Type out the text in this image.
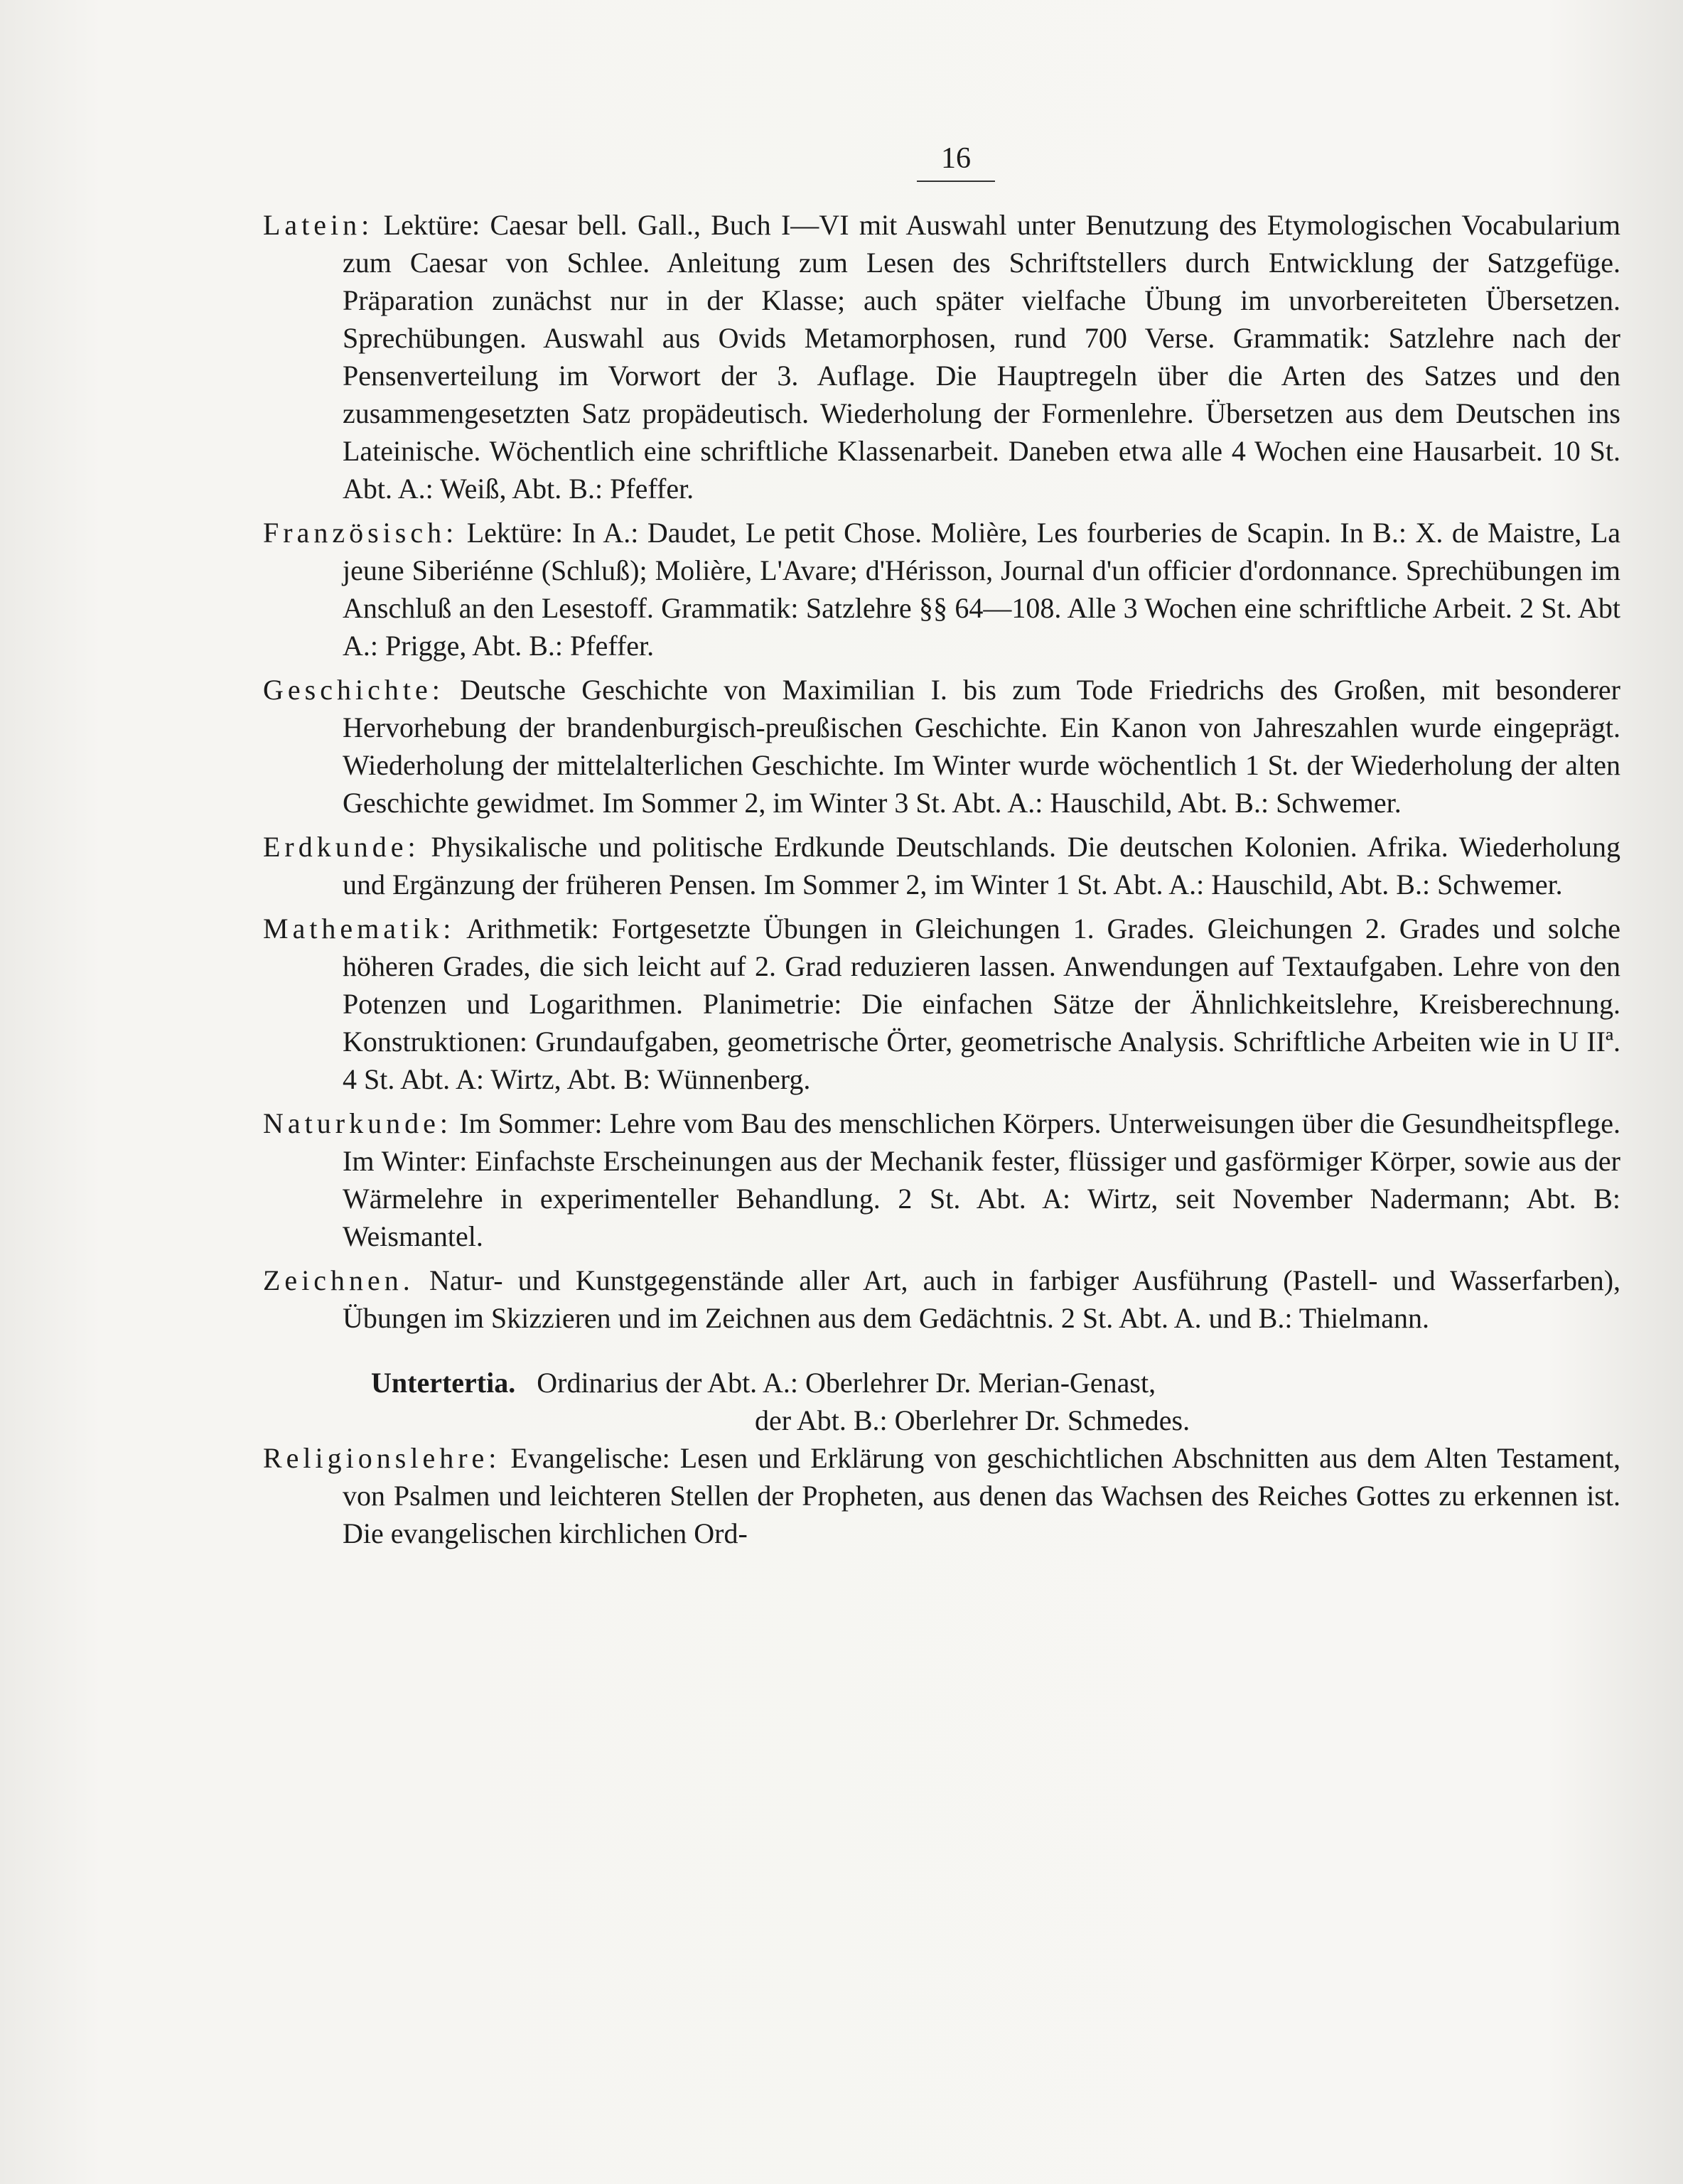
16

Latein: Lektüre: Caesar bell. Gall., Buch I—VI mit Auswahl unter Benutzung des Etymologischen Vocabularium zum Caesar von Schlee. Anleitung zum Lesen des Schriftstellers durch Entwicklung der Satzgefüge. Präparation zunächst nur in der Klasse; auch später vielfache Übung im unvorbereiteten Übersetzen. Sprechübungen. Auswahl aus Ovids Metamorphosen, rund 700 Verse. Grammatik: Satzlehre nach der Pensenverteilung im Vorwort der 3. Auflage. Die Hauptregeln über die Arten des Satzes und den zusammengesetzten Satz propädeutisch. Wiederholung der Formenlehre. Übersetzen aus dem Deutschen ins Lateinische. Wöchentlich eine schriftliche Klassenarbeit. Daneben etwa alle 4 Wochen eine Hausarbeit. 10 St. Abt. A.: Weiß, Abt. B.: Pfeffer.

Französisch: Lektüre: In A.: Daudet, Le petit Chose. Molière, Les fourberies de Scapin. In B.: X. de Maistre, La jeune Siberiénne (Schluß); Molière, L'Avare; d'Hérisson, Journal d'un officier d'ordonnance. Sprechübungen im Anschluß an den Lesestoff. Grammatik: Satzlehre §§ 64—108. Alle 3 Wochen eine schriftliche Arbeit. 2 St. Abt A.: Prigge, Abt. B.: Pfeffer.

Geschichte: Deutsche Geschichte von Maximilian I. bis zum Tode Friedrichs des Großen, mit besonderer Hervorhebung der brandenburgisch-preußischen Geschichte. Ein Kanon von Jahreszahlen wurde eingeprägt. Wiederholung der mittelalterlichen Geschichte. Im Winter wurde wöchentlich 1 St. der Wiederholung der alten Geschichte gewidmet. Im Sommer 2, im Winter 3 St. Abt. A.: Hauschild, Abt. B.: Schwemer.

Erdkunde: Physikalische und politische Erdkunde Deutschlands. Die deutschen Kolonien. Afrika. Wiederholung und Ergänzung der früheren Pensen. Im Sommer 2, im Winter 1 St. Abt. A.: Hauschild, Abt. B.: Schwemer.

Mathematik: Arithmetik: Fortgesetzte Übungen in Gleichungen 1. Grades. Gleichungen 2. Grades und solche höheren Grades, die sich leicht auf 2. Grad reduzieren lassen. Anwendungen auf Textaufgaben. Lehre von den Potenzen und Logarithmen. Planimetrie: Die einfachen Sätze der Ähnlichkeitslehre, Kreisberechnung. Konstruktionen: Grundaufgaben, geometrische Örter, geometrische Analysis. Schriftliche Arbeiten wie in U IIª. 4 St. Abt. A: Wirtz, Abt. B: Wünnenberg.

Naturkunde: Im Sommer: Lehre vom Bau des menschlichen Körpers. Unterweisungen über die Gesundheitspflege. Im Winter: Einfachste Erscheinungen aus der Mechanik fester, flüssiger und gasförmiger Körper, sowie aus der Wärmelehre in experimenteller Behandlung. 2 St. Abt. A: Wirtz, seit November Nadermann; Abt. B: Weismantel.

Zeichnen. Natur- und Kunstgegenstände aller Art, auch in farbiger Ausführung (Pastell- und Wasserfarben), Übungen im Skizzieren und im Zeichnen aus dem Gedächtnis. 2 St. Abt. A. und B.: Thielmann.

Untertertia. Ordinarius der Abt. A.: Oberlehrer Dr. Merian-Genast,
der Abt. B.: Oberlehrer Dr. Schmedes.

Religionslehre: Evangelische: Lesen und Erklärung von geschichtlichen Abschnitten aus dem Alten Testament, von Psalmen und leichteren Stellen der Propheten, aus denen das Wachsen des Reiches Gottes zu erkennen ist. Die evangelischen kirchlichen Ord-
